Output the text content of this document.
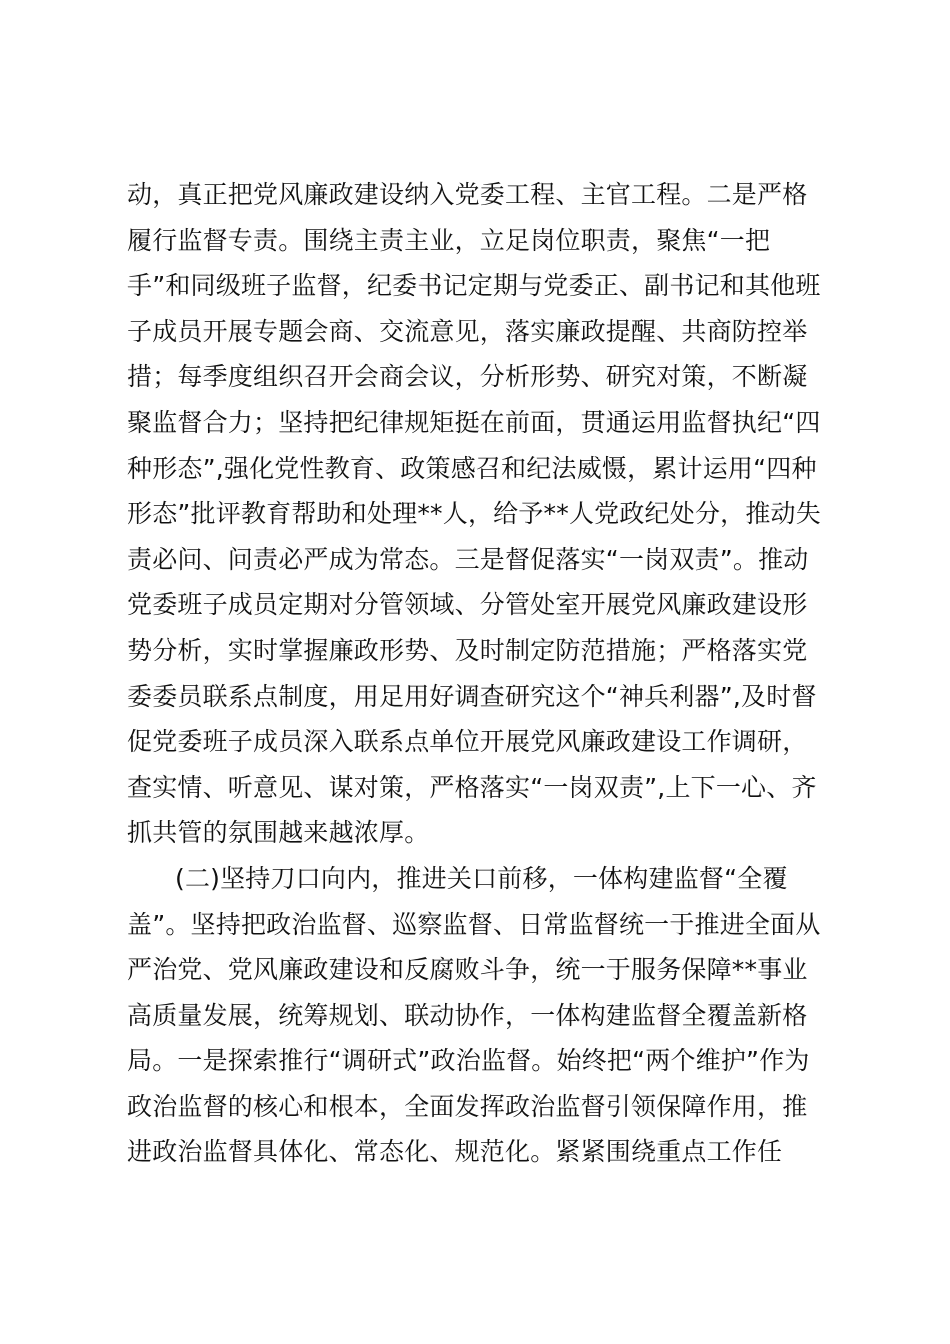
动，真正把党风廉政建设纳入党委工程、主官工程。二是严格
履行监督专责。围绕主责主业，立足岗位职责，聚焦“一把
手”和同级班子监督，纪委书记定期与党委正、副书记和其他班
子成员开展专题会商、交流意见，落实廉政提醒、共商防控举
措；每季度组织召开会商会议，分析形势、研究对策，不断凝
聚监督合力；坚持把纪律规矩挺在前面，贯通运用监督执纪“四
种形态”,强化党性教育、政策感召和纪法威慑，累计运用“四种
形态”批评教育帮助和处理**人，给予**人党政纪处分，推动失
责必问、问责必严成为常态。三是督促落实“一岗双责”。推动
党委班子成员定期对分管领域、分管处室开展党风廉政建设形
势分析，实时掌握廉政形势、及时制定防范措施；严格落实党
委委员联系点制度，用足用好调查研究这个“神兵利器”,及时督
促党委班子成员深入联系点单位开展党风廉政建设工作调研，
查实情、听意见、谋对策，严格落实“一岗双责”,上下一心、齐
抓共管的氛围越来越浓厚。
(二)坚持刀口向内，推进关口前移，一体构建监督“全覆
盖”。坚持把政治监督、巡察监督、日常监督统一于推进全面从
严治党、党风廉政建设和反腐败斗争，统一于服务保障**事业
高质量发展，统筹规划、联动协作，一体构建监督全覆盖新格
局。一是探索推行“调研式”政治监督。始终把“两个维护”作为
政治监督的核心和根本，全面发挥政治监督引领保障作用，推
进政治监督具体化、常态化、规范化。紧紧围绕重点工作任
